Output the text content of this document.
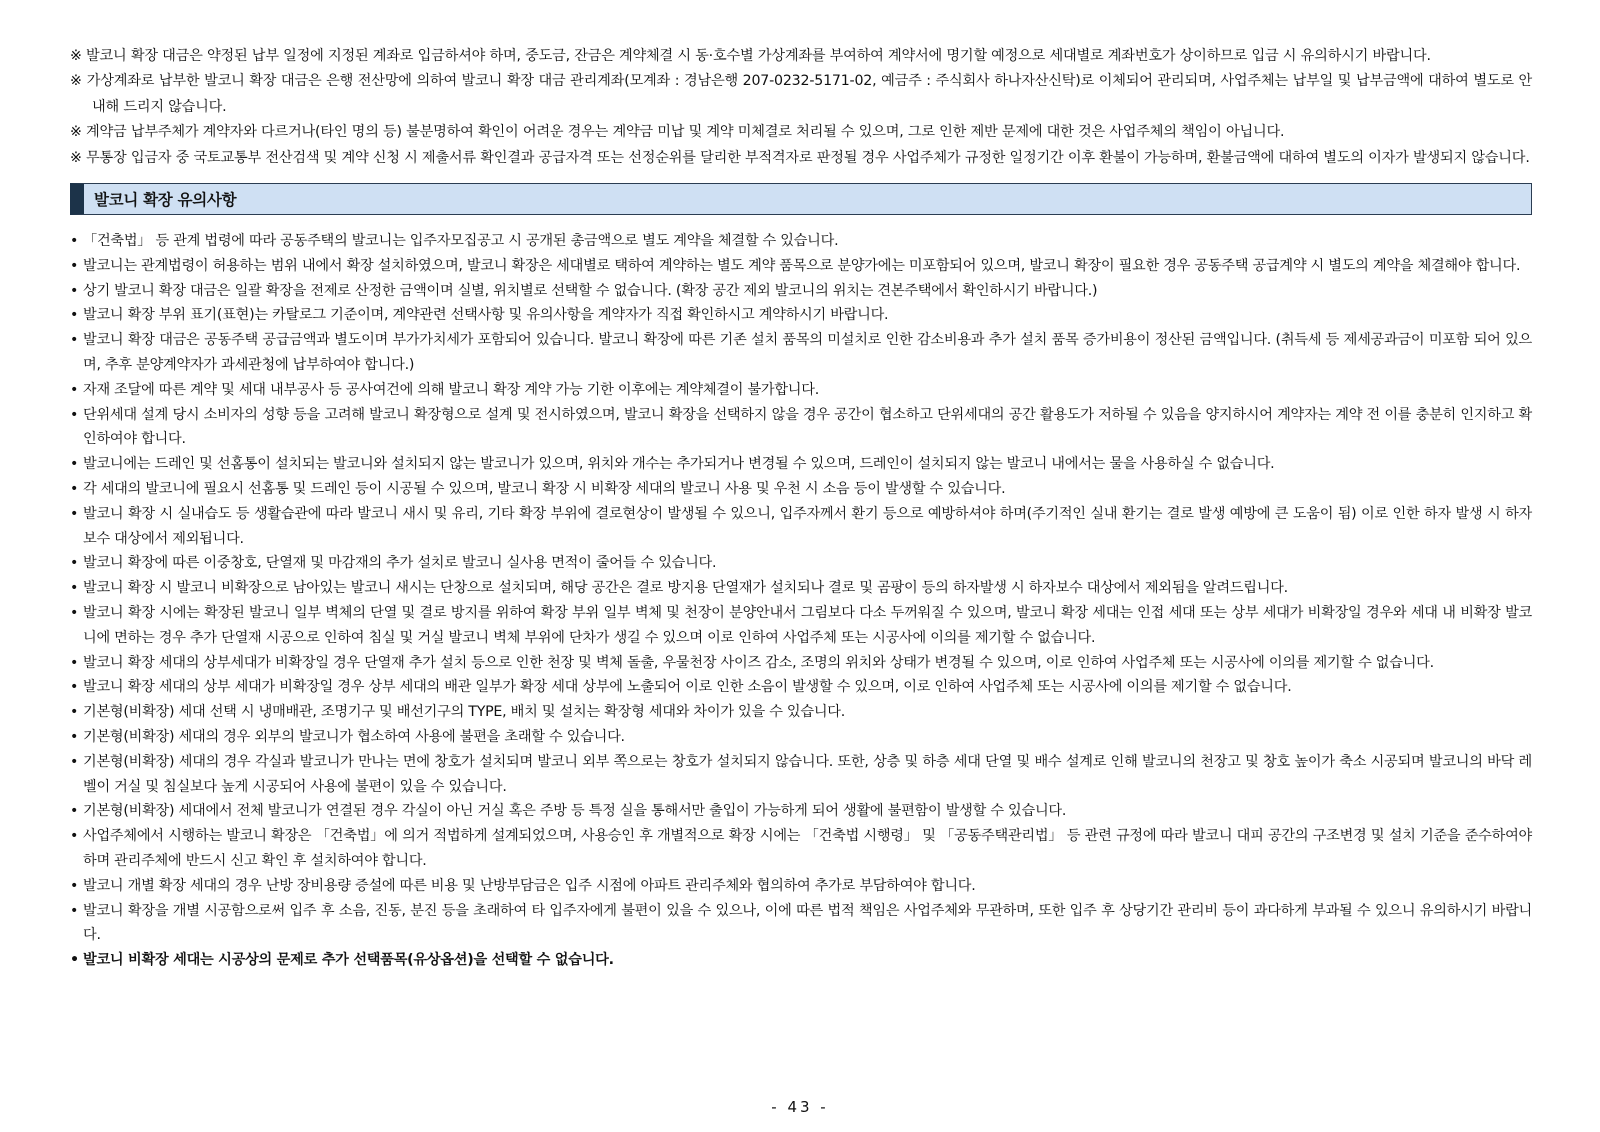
※ 발코니 확장 대금은 약정된 납부 일정에 지정된 계좌로 입금하셔야 하며, 중도금, 잔금은 계약체결 시 동·호수별 가상계좌를 부여하여 계약서에 명기할 예정으로 세대별로 계좌번호가 상이하므로 입금 시 유의하시기 바랍니다.

※ 가상계좌로 납부한 발코니 확장 대금은 은행 전산망에 의하여 발코니 확장 대금 관리계좌(모계좌 : 경남은행 207-0232-5171-02, 예금주 : 주식회사 하나자산신탁)로 이체되어 관리되며, 사업주체는 납부일 및 납부금액에 대하여 별도로 안내해 드리지 않습니다.

※ 계약금 납부주체가 계약자와 다르거나(타인 명의 등) 불분명하여 확인이 어려운 경우는 계약금 미납 및 계약 미체결로 처리될 수 있으며, 그로 인한 제반 문제에 대한 것은 사업주체의 책임이 아닙니다.

※ 무통장 입금자 중 국토교통부 전산검색 및 계약 신청 시 제출서류 확인결과 공급자격 또는 선정순위를 달리한 부적격자로 판정될 경우 사업주체가 규정한 일정기간 이후 환불이 가능하며, 환불금액에 대하여 별도의 이자가 발생되지 않습니다.

발코니 확장 유의사항
• 「건축법」 등 관계 법령에 따라 공동주택의 발코니는 입주자모집공고 시 공개된 총금액으로 별도 계약을 체결할 수 있습니다.
• 발코니는 관계법령이 허용하는 범위 내에서 확장 설치하였으며, 발코니 확장은 세대별로 택하여 계약하는 별도 계약 품목으로 분양가에는 미포함되어 있으며, 발코니 확장이 필요한 경우 공동주택 공급계약 시 별도의 계약을 체결해야 합니다.
• 상기 발코니 확장 대금은 일괄 확장을 전제로 산정한 금액이며 실별, 위치별로 선택할 수 없습니다. (확장 공간 제외 발코니의 위치는 견본주택에서 확인하시기 바랍니다.)
• 발코니 확장 부위 표기(표현)는 카탈로그 기준이며, 계약관련 선택사항 및 유의사항을 계약자가 직접 확인하시고 계약하시기 바랍니다.
• 발코니 확장 대금은 공동주택 공급금액과 별도이며 부가가치세가 포함되어 있습니다. 발코니 확장에 따른 기존 설치 품목의 미설치로 인한 감소비용과 추가 설치 품목 증가비용이 정산된 금액입니다. (취득세 등 제세공과금이 미포함 되어 있으며, 추후 분양계약자가 과세관청에 납부하여야 합니다.)
• 자재 조달에 따른 계약 및 세대 내부공사 등 공사여건에 의해 발코니 확장 계약 가능 기한 이후에는 계약체결이 불가합니다.
• 단위세대 설계 당시 소비자의 성향 등을 고려해 발코니 확장형으로 설계 및 전시하였으며, 발코니 확장을 선택하지 않을 경우 공간이 협소하고 단위세대의 공간 활용도가 저하될 수 있음을 양지하시어 계약자는 계약 전 이를 충분히 인지하고 확인하여야 합니다.
• 발코니에는 드레인 및 선홈통이 설치되는 발코니와 설치되지 않는 발코니가 있으며, 위치와 개수는 추가되거나 변경될 수 있으며, 드레인이 설치되지 않는 발코니 내에서는 물을 사용하실 수 없습니다.
• 각 세대의 발코니에 필요시 선홈통 및 드레인 등이 시공될 수 있으며, 발코니 확장 시 비확장 세대의 발코니 사용 및 우천 시 소음 등이 발생할 수 있습니다.
• 발코니 확장 시 실내습도 등 생활습관에 따라 발코니 새시 및 유리, 기타 확장 부위에 결로현상이 발생될 수 있으니, 입주자께서 환기 등으로 예방하셔야 하며(주기적인 실내 환기는 결로 발생 예방에 큰 도움이 됨) 이로 인한 하자 발생 시 하자보수 대상에서 제외됩니다.
• 발코니 확장에 따른 이중창호, 단열재 및 마감재의 추가 설치로 발코니 실사용 면적이 줄어들 수 있습니다.
• 발코니 확장 시 발코니 비확장으로 남아있는 발코니 새시는 단창으로 설치되며, 해당 공간은 결로 방지용 단열재가 설치되나 결로 및 곰팡이 등의 하자발생 시 하자보수 대상에서 제외됨을 알려드립니다.
• 발코니 확장 시에는 확장된 발코니 일부 벽체의 단열 및 결로 방지를 위하여 확장 부위 일부 벽체 및 천장이 분양안내서 그림보다 다소 두꺼워질 수 있으며, 발코니 확장 세대는 인접 세대 또는 상부 세대가 비확장일 경우와 세대 내 비확장 발코니에 면하는 경우 추가 단열재 시공으로 인하여 침실 및 거실 발코니 벽체 부위에 단차가 생길 수 있으며 이로 인하여 사업주체 또는 시공사에 이의를 제기할 수 없습니다.
• 발코니 확장 세대의 상부세대가 비확장일 경우 단열재 추가 설치 등으로 인한 천장 및 벽체 돌출, 우물천장 사이즈 감소, 조명의 위치와 상태가 변경될 수 있으며, 이로 인하여 사업주체 또는 시공사에 이의를 제기할 수 없습니다.
• 발코니 확장 세대의 상부 세대가 비확장일 경우 상부 세대의 배관 일부가 확장 세대 상부에 노출되어 이로 인한 소음이 발생할 수 있으며, 이로 인하여 사업주체 또는 시공사에 이의를 제기할 수 없습니다.
• 기본형(비확장) 세대 선택 시 냉매배관, 조명기구 및 배선기구의 TYPE, 배치 및 설치는 확장형 세대와 차이가 있을 수 있습니다.
• 기본형(비확장) 세대의 경우 외부의 발코니가 협소하여 사용에 불편을 초래할 수 있습니다.
• 기본형(비확장) 세대의 경우 각실과 발코니가 만나는 면에 창호가 설치되며 발코니 외부 쪽으로는 창호가 설치되지 않습니다. 또한, 상층 및 하층 세대 단열 및 배수 설계로 인해 발코니의 천장고 및 창호 높이가 축소 시공되며 발코니의 바닥 레벨이 거실 및 침실보다 높게 시공되어 사용에 불편이 있을 수 있습니다.
• 기본형(비확장) 세대에서 전체 발코니가 연결된 경우 각실이 아닌 거실 혹은 주방 등 특정 실을 통해서만 출입이 가능하게 되어 생활에 불편함이 발생할 수 있습니다.
• 사업주체에서 시행하는 발코니 확장은 「건축법」에 의거 적법하게 설계되었으며, 사용승인 후 개별적으로 확장 시에는 「건축법 시행령」 및 「공동주택관리법」 등 관련 규정에 따라 발코니 대피 공간의 구조변경 및 설치 기준을 준수하여야 하며 관리주체에 반드시 신고 확인 후 설치하여야 합니다.
• 발코니 개별 확장 세대의 경우 난방 장비용량 증설에 따른 비용 및 난방부담금은 입주 시점에 아파트 관리주체와 협의하여 추가로 부담하여야 합니다.
• 발코니 확장을 개별 시공함으로써 입주 후 소음, 진동, 분진 등을 초래하여 타 입주자에게 불편이 있을 수 있으나, 이에 따른 법적 책임은 사업주체와 무관하며, 또한 입주 후 상당기간 관리비 등이 과다하게 부과될 수 있으니 유의하시기 바랍니다.
• 발코니 비확장 세대는 시공상의 문제로 추가 선택품목(유상옵션)을 선택할 수 없습니다.
- 43 -
